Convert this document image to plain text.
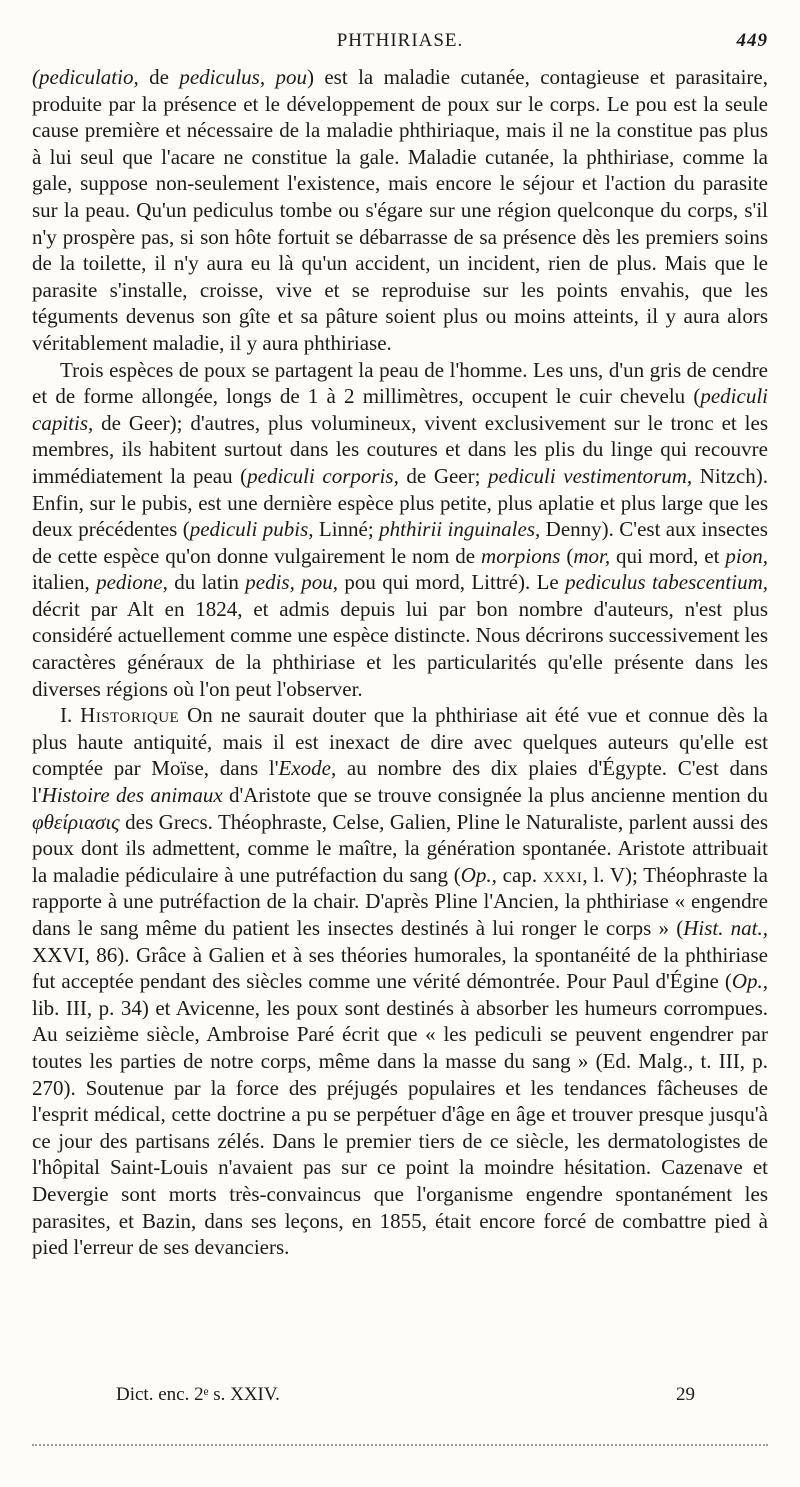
PHTHIRIASE.	449

(pediculatio, de pediculus, pou) est la maladie cutanée, contagieuse et parasitaire, produite par la présence et le développement de poux sur le corps. Le pou est la seule cause première et nécessaire de la maladie phthiriaque, mais il ne la constitue pas plus à lui seul que l'acare ne constitue la gale. Maladie cutanée, la phthiriase, comme la gale, suppose non-seulement l'existence, mais encore le séjour et l'action du parasite sur la peau. Qu'un pediculus tombe ou s'égare sur une région quelconque du corps, s'il n'y prospère pas, si son hôte fortuit se débarrasse de sa présence dès les premiers soins de la toilette, il n'y aura eu là qu'un accident, un incident, rien de plus. Mais que le parasite s'installe, croisse, vive et se reproduise sur les points envahis, que les téguments devenus son gîte et sa pâture soient plus ou moins atteints, il y aura alors véritablement maladie, il y aura phthiriase.

Trois espèces de poux se partagent la peau de l'homme. Les uns, d'un gris de cendre et de forme allongée, longs de 1 à 2 millimètres, occupent le cuir chevelu (pediculi capitis, de Geer); d'autres, plus volumineux, vivent exclusivement sur le tronc et les membres, ils habitent surtout dans les coutures et dans les plis du linge qui recouvre immédiatement la peau (pediculi corporis, de Geer; pediculi vestimentorum, Nitzch). Enfin, sur le pubis, est une dernière espèce plus petite, plus aplatie et plus large que les deux précédentes (pediculi pubis, Linné; phthirii inguinales, Denny). C'est aux insectes de cette espèce qu'on donne vulgairement le nom de morpions (mor, qui mord, et pion, italien, pedione, du latin pedis, pou, pou qui mord, Littré). Le pediculus tabescentium, décrit par Alt en 1824, et admis depuis lui par bon nombre d'auteurs, n'est plus considéré actuellement comme une espèce distincte. Nous décrirons successivement les caractères généraux de la phthiriase et les particularités qu'elle présente dans les diverses régions où l'on peut l'observer.

I. Historique On ne saurait douter que la phthiriase ait été vue et connue dès la plus haute antiquité, mais il est inexact de dire avec quelques auteurs qu'elle est comptée par Moïse, dans l'Exode, au nombre des dix plaies d'Égypte. C'est dans l'Histoire des animaux d'Aristote que se trouve consignée la plus ancienne mention du φθείριασις des Grecs. Théophraste, Celse, Galien, Pline le Naturaliste, parlent aussi des poux dont ils admettent, comme le maître, la génération spontanée. Aristote attribuait la maladie pédiculaire à une putréfaction du sang (Op., cap. xxxi, l. V); Théophraste la rapporte à une putréfaction de la chair. D'après Pline l'Ancien, la phthiriase « engendre dans le sang même du patient les insectes destinés à lui ronger le corps » (Hist. nat., XXVI, 86). Grâce à Galien et à ses théories humorales, la spontanéité de la phthiriase fut acceptée pendant des siècles comme une vérité démontrée. Pour Paul d'Égine (Op., lib. III, p. 34) et Avicenne, les poux sont destinés à absorber les humeurs corrompues. Au seizième siècle, Ambroise Paré écrit que « les pediculi se peuvent engendrer par toutes les parties de notre corps, même dans la masse du sang » (Ed. Malg., t. III, p. 270). Soutenue par la force des préjugés populaires et les tendances fâcheuses de l'esprit médical, cette doctrine a pu se perpétuer d'âge en âge et trouver presque jusqu'à ce jour des partisans zélés. Dans le premier tiers de ce siècle, les dermatologistes de l'hôpital Saint-Louis n'avaient pas sur ce point la moindre hésitation. Cazenave et Devergie sont morts très-convaincus que l'organisme engendre spontanément les parasites, et Bazin, dans ses leçons, en 1855, était encore forcé de combattre pied à pied l'erreur de ses devanciers.

Dict. enc. 2ᵉ s. XXIV.	29
